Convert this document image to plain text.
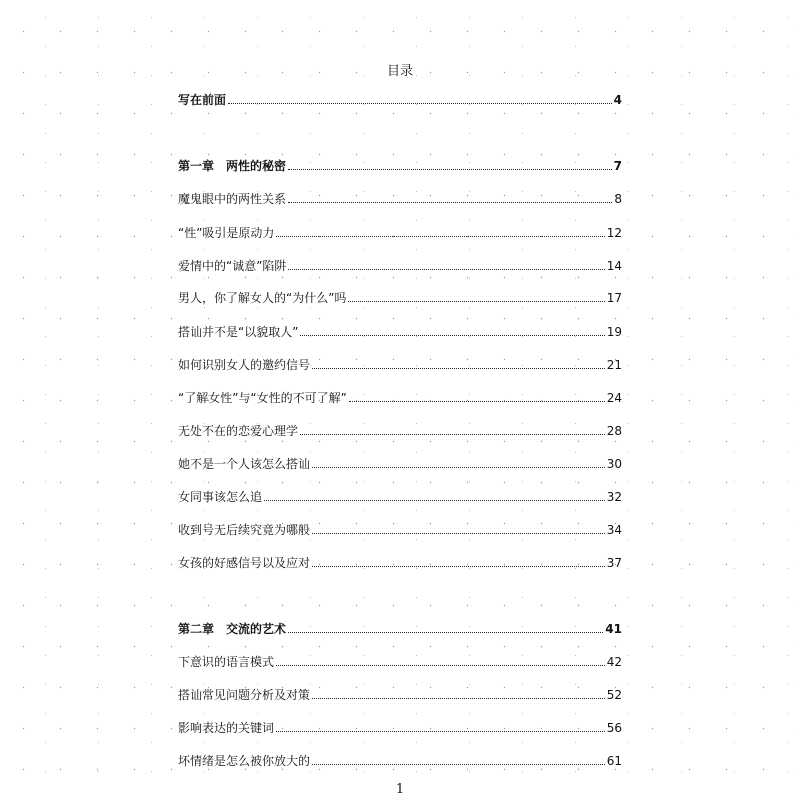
目录
写在前面	4
第一章　两性的秘密	7
魔鬼眼中的两性关系	8
“性”吸引是原动力	12
爱情中的“诚意”陷阱	14
男人，你了解女人的“为什么”吗	17
搭讪并不是“以貌取人”	19
如何识别女人的邀约信号	21
“了解女性”与“女性的不可了解”	24
无处不在的恋爱心理学	28
她不是一个人该怎么搭讪	30
女同事该怎么追	32
收到号无后续究竟为哪般	34
女孩的好感信号以及应对	37
第二章　交流的艺术	41
下意识的语言模式	42
搭讪常见问题分析及对策	52
影响表达的关键词	56
坏情绪是怎么被你放大的	61
1
